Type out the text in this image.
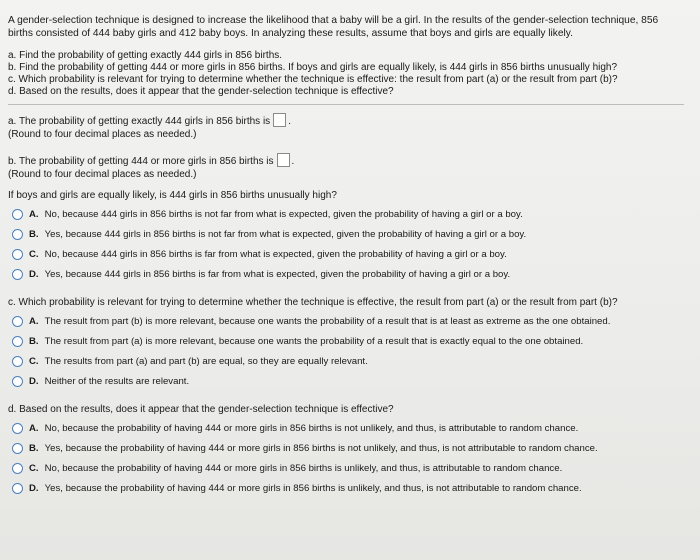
A gender-selection technique is designed to increase the likelihood that a baby will be a girl. In the results of the gender-selection technique, 856 births consisted of 444 baby girls and 412 baby boys. In analyzing these results, assume that boys and girls are equally likely.
a. Find the probability of getting exactly 444 girls in 856 births.
b. Find the probability of getting 444 or more girls in 856 births. If boys and girls are equally likely, is 444 girls in 856 births unusually high?
c. Which probability is relevant for trying to determine whether the technique is effective: the result from part (a) or the result from part (b)?
d. Based on the results, does it appear that the gender-selection technique is effective?
a. The probability of getting exactly 444 girls in 856 births is .
(Round to four decimal places as needed.)
b. The probability of getting 444 or more girls in 856 births is .
(Round to four decimal places as needed.)
If boys and girls are equally likely, is 444 girls in 856 births unusually high?
A. No, because 444 girls in 856 births is not far from what is expected, given the probability of having a girl or a boy.
B. Yes, because 444 girls in 856 births is not far from what is expected, given the probability of having a girl or a boy.
C. No, because 444 girls in 856 births is far from what is expected, given the probability of having a girl or a boy.
D. Yes, because 444 girls in 856 births is far from what is expected, given the probability of having a girl or a boy.
c. Which probability is relevant for trying to determine whether the technique is effective, the result from part (a) or the result from part (b)?
A. The result from part (b) is more relevant, because one wants the probability of a result that is at least as extreme as the one obtained.
B. The result from part (a) is more relevant, because one wants the probability of a result that is exactly equal to the one obtained.
C. The results from part (a) and part (b) are equal, so they are equally relevant.
D. Neither of the results are relevant.
d. Based on the results, does it appear that the gender-selection technique is effective?
A. No, because the probability of having 444 or more girls in 856 births is not unlikely, and thus, is attributable to random chance.
B. Yes, because the probability of having 444 or more girls in 856 births is not unlikely, and thus, is not attributable to random chance.
C. No, because the probability of having 444 or more girls in 856 births is unlikely, and thus, is attributable to random chance.
D. Yes, because the probability of having 444 or more girls in 856 births is unlikely, and thus, is not attributable to random chance.
